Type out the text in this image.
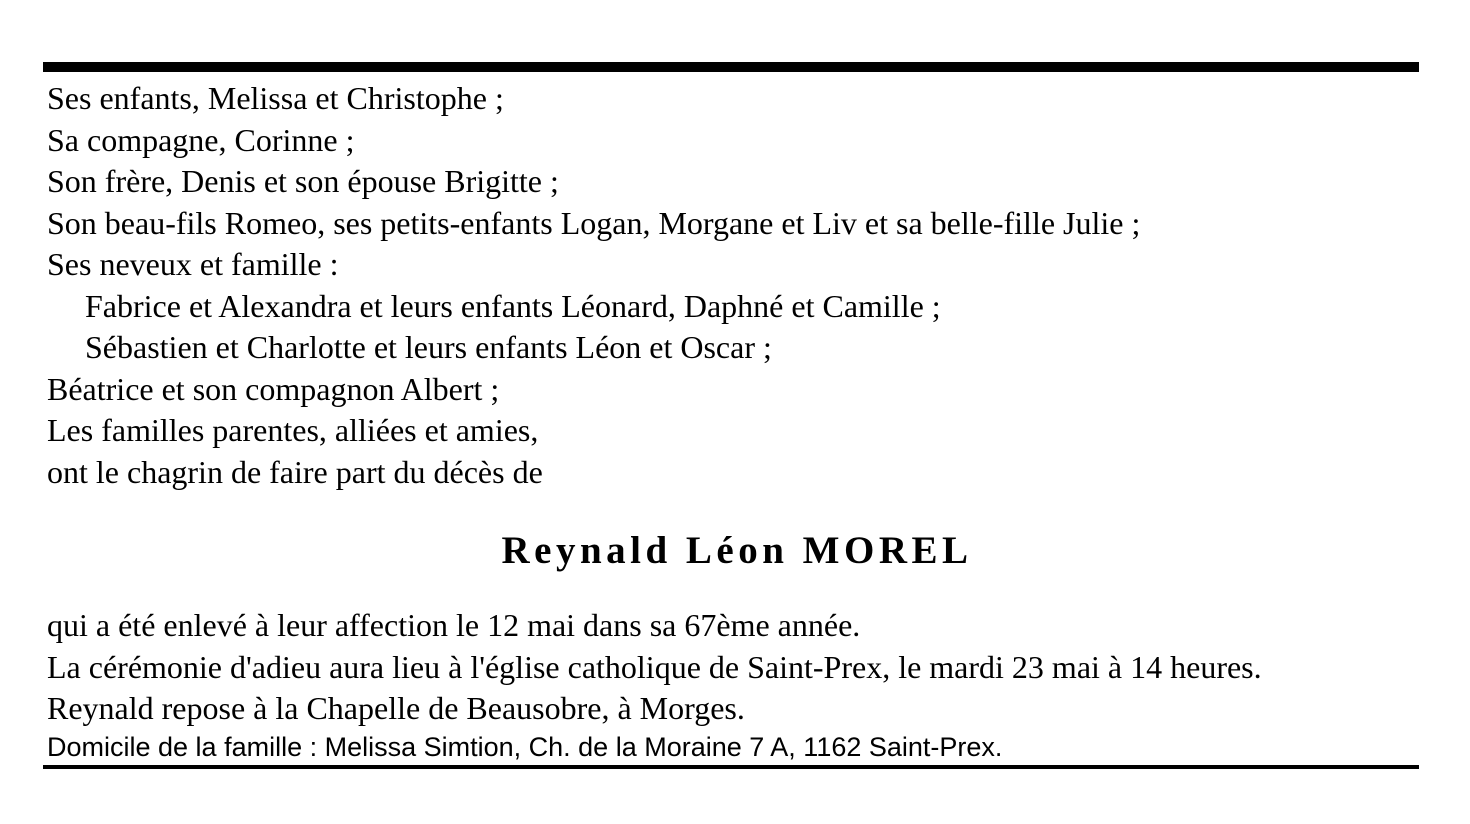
Ses enfants, Melissa et Christophe ;
Sa compagne, Corinne ;
Son frère, Denis et son épouse Brigitte ;
Son beau-fils Romeo, ses petits-enfants Logan, Morgane et Liv et sa belle-fille Julie ;
Ses neveux et famille :
Fabrice et Alexandra et leurs enfants Léonard, Daphné et Camille ;
Sébastien et Charlotte et leurs enfants Léon et Oscar ;
Béatrice et son compagnon Albert ;
Les familles parentes, alliées et amies,
ont le chagrin de faire part du décès de
Reynald Léon MOREL
qui a été enlevé à leur affection le 12 mai dans sa 67ème année.
La cérémonie d'adieu aura lieu à l'église catholique de Saint-Prex, le mardi 23 mai à 14 heures.
Reynald repose à la Chapelle de Beausobre, à Morges.
Domicile de la famille : Melissa Simtion, Ch. de la Moraine 7 A, 1162 Saint-Prex.
